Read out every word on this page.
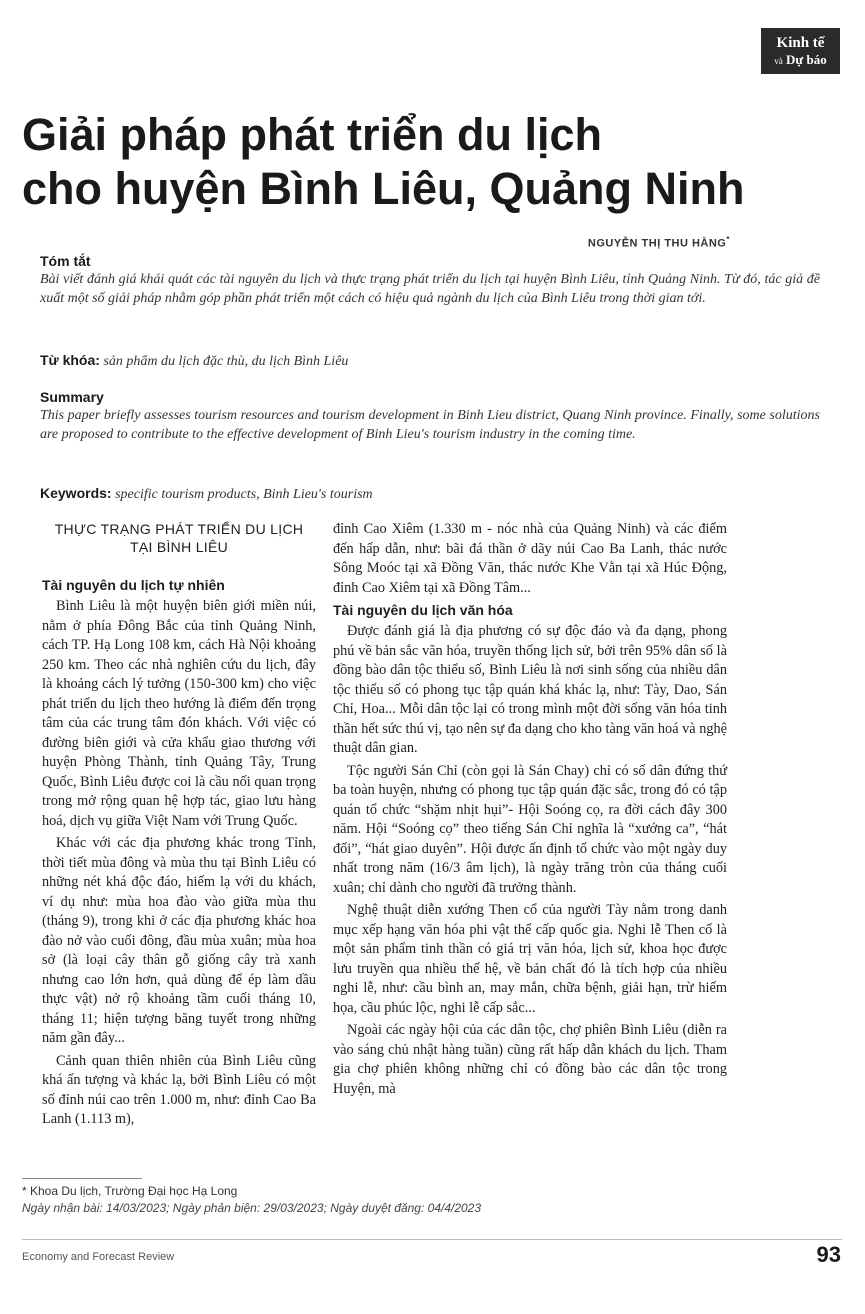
Kinh tế
và Dự báo
Giải pháp phát triển du lịch
cho huyện Bình Liêu, Quảng Ninh
NGUYỄN THỊ THU HẰNG*
Tóm tắt

Bài viết đánh giá khái quát các tài nguyên du lịch và thực trạng phát triển du lịch tại huyện Bình Liêu, tỉnh Quảng Ninh. Từ đó, tác giả đề xuất một số giải pháp nhằm góp phần phát triển một cách có hiệu quả ngành du lịch của Bình Liêu trong thời gian tới.

Từ khóa: sản phẩm du lịch đặc thù, du lịch Bình Liêu
Summary

This paper briefly assesses tourism resources and tourism development in Binh Lieu district, Quang Ninh province. Finally, some solutions are proposed to contribute to the effective development of Binh Lieu's tourism industry in the coming time.

Keywords: specific tourism products, Binh Lieu's tourism
THỰC TRẠNG PHÁT TRIỂN DU LỊCH TẠI BÌNH LIÊU
Tài nguyên du lịch tự nhiên

Bình Liêu là một huyện biên giới miền núi, nằm ở phía Đông Bắc của tỉnh Quảng Ninh, cách TP. Hạ Long 108 km, cách Hà Nội khoảng 250 km. Theo các nhà nghiên cứu du lịch, đây là khoảng cách lý tưởng (150-300 km) cho việc phát triển du lịch theo hướng là điểm đến trọng tâm của các trung tâm đón khách. Với việc có đường biên giới và cửa khẩu giao thương với huyện Phòng Thành, tỉnh Quảng Tây, Trung Quốc, Bình Liêu được coi là cầu nối quan trọng trong mở rộng quan hệ hợp tác, giao lưu hàng hoá, dịch vụ giữa Việt Nam với Trung Quốc.

Khác với các địa phương khác trong Tỉnh, thời tiết mùa đông và mùa thu tại Bình Liêu có những nét khá độc đáo, hiếm lạ với du khách, ví dụ như: mùa hoa đào vào giữa mùa thu (tháng 9), trong khi ở các địa phương khác hoa đào nở vào cuối đông, đầu mùa xuân; mùa hoa sở (là loại cây thân gỗ giống cây trà xanh nhưng cao lớn hơn, quả dùng để ép làm dầu thực vật) nở rộ khoảng tầm cuối tháng 10, tháng 11; hiện tượng băng tuyết trong những năm gần đây...

Cảnh quan thiên nhiên của Bình Liêu cũng khá ấn tượng và khác lạ, bởi Bình Liêu có một số đỉnh núi cao trên 1.000 m, như: đỉnh Cao Ba Lanh (1.113 m),

đỉnh Cao Xiêm (1.330 m - nóc nhà của Quảng Ninh) và các điểm đến hấp dẫn, như: bãi đá thần ở dãy núi Cao Ba Lanh, thác nước Sông Moóc tại xã Đồng Văn, thác nước Khe Vằn tại xã Húc Động, đỉnh Cao Xiêm tại xã Đồng Tâm...

Tài nguyên du lịch văn hóa

Được đánh giá là địa phương có sự độc đáo và đa dạng, phong phú về bản sắc văn hóa, truyền thống lịch sử, bởi trên 95% dân số là đồng bào dân tộc thiểu số, Bình Liêu là nơi sinh sống của nhiều dân tộc thiểu số có phong tục tập quán khá khác lạ, như: Tày, Dao, Sán Chỉ, Hoa... Mỗi dân tộc lại có trong mình một đời sống văn hóa tinh thần hết sức thú vị, tạo nên sự đa dạng cho kho tàng văn hoá và nghệ thuật dân gian.

Tộc người Sán Chỉ (còn gọi là Sán Chay) chỉ có số dân đứng thứ ba toàn huyện, nhưng có phong tục tập quán đặc sắc, trong đó có tập quán tổ chức “shặm nhịt hụi”- Hội Soóng cọ, ra đời cách đây 300 năm. Hội “Soóng cọ” theo tiếng Sán Chỉ nghĩa là “xướng ca”, “hát đối”, “hát giao duyên”. Hội được ấn định tổ chức vào một ngày duy nhất trong năm (16/3 âm lịch), là ngày trăng tròn của tháng cuối xuân; chỉ dành cho người đã trưởng thành.

Nghệ thuật diễn xướng Then cổ của người Tày nằm trong danh mục xếp hạng văn hóa phi vật thể cấp quốc gia. Nghi lễ Then cổ là một sản phẩm tinh thần có giá trị văn hóa, lịch sử, khoa học được lưu truyền qua nhiều thế hệ, về bản chất đó là tích hợp của nhiều nghi lễ, như: cầu bình an, may mắn, chữa bệnh, giải hạn, trừ hiểm họa, cầu phúc lộc, nghi lễ cấp sắc...

Ngoài các ngày hội của các dân tộc, chợ phiên Bình Liêu (diễn ra vào sáng chủ nhật hàng tuần) cũng rất hấp dẫn khách du lịch. Tham gia chợ phiên không những chỉ có đồng bào các dân tộc trong Huyện, mà

* Khoa Du lịch, Trường Đại học Hạ Long
Ngày nhận bài: 14/03/2023; Ngày phản biện: 29/03/2023; Ngày duyệt đăng: 04/4/2023
Economy and Forecast Review	93
